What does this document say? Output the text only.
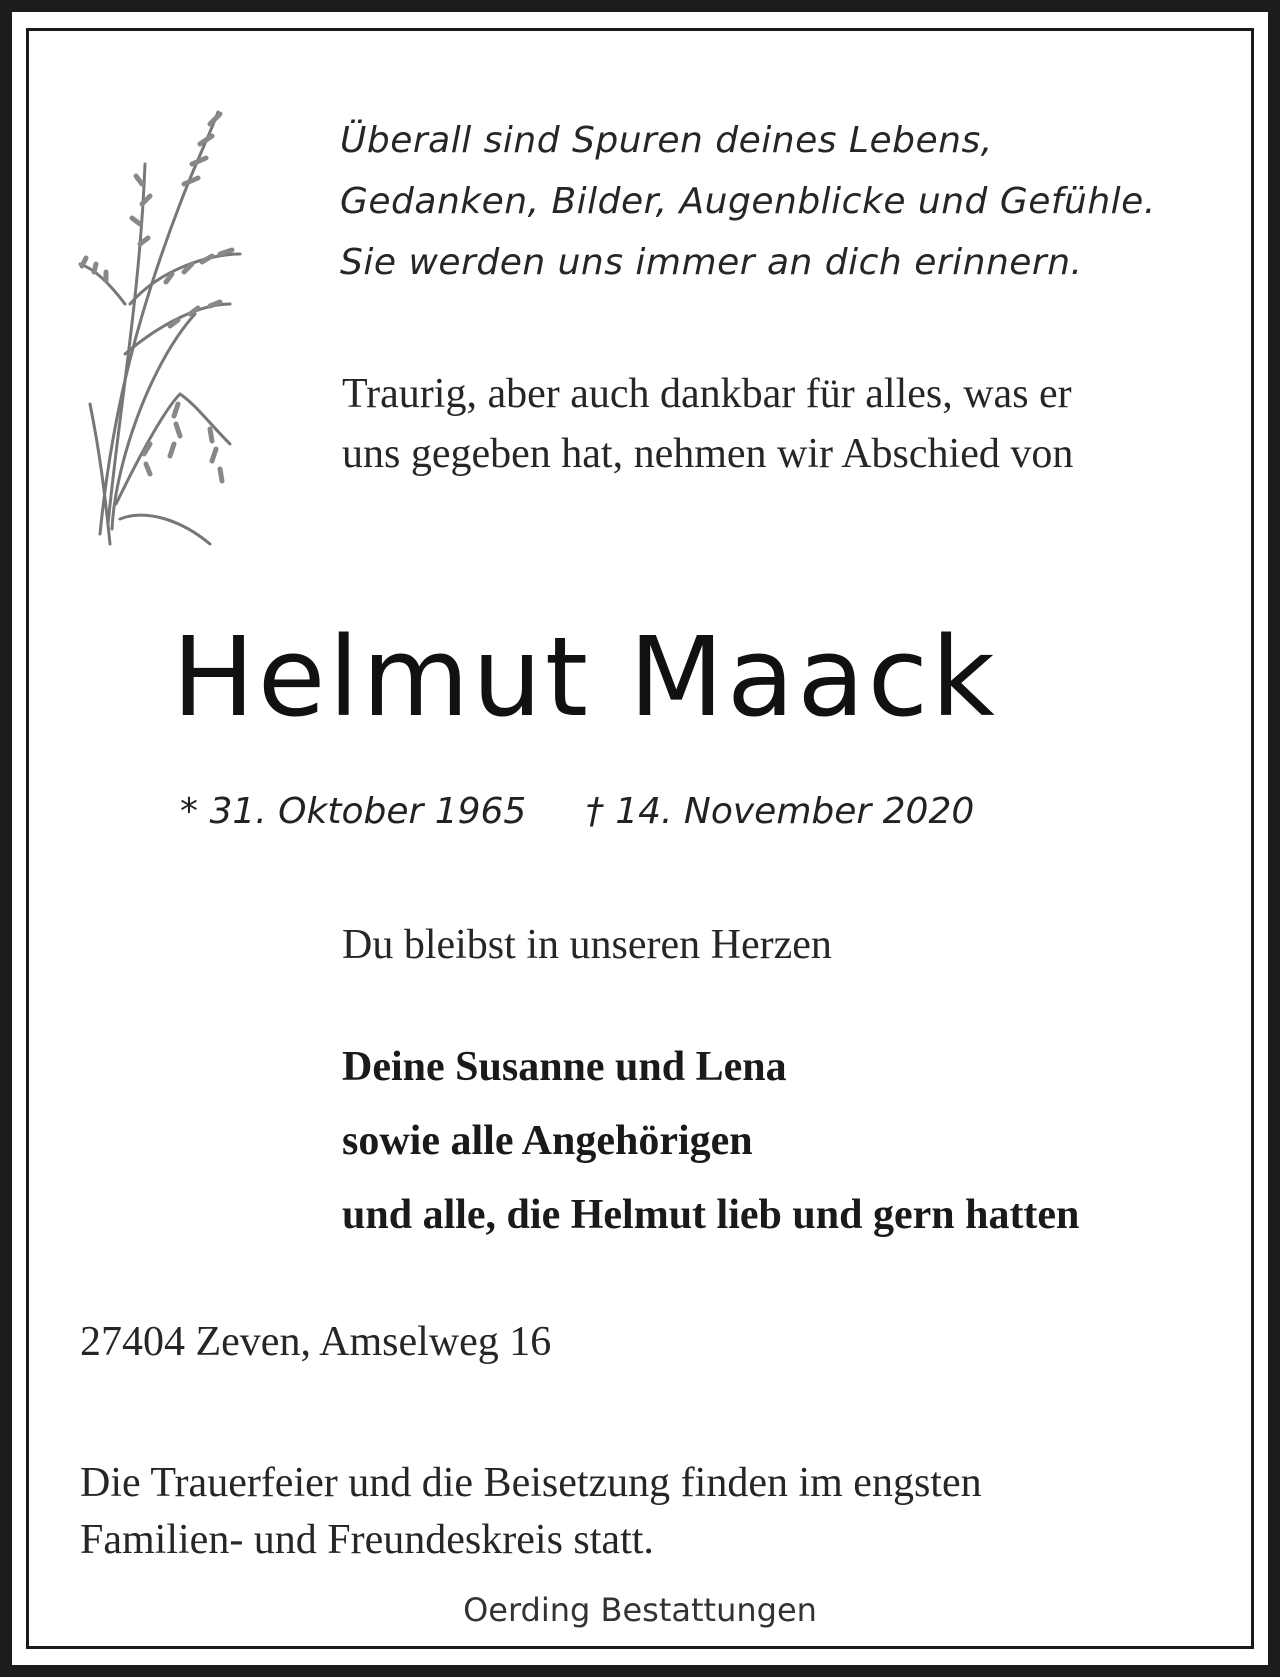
Überall sind Spuren deines Lebens,
Gedanken, Bilder, Augenblicke und Gefühle.
Sie werden uns immer an dich erinnern.
Traurig, aber auch dankbar für alles, was er
uns gegeben hat, nehmen wir Abschied von
Helmut Maack
* 31. Oktober 1965 † 14. November 2020
Du bleibst in unseren Herzen
Deine Susanne und Lena
sowie alle Angehörigen
und alle, die Helmut lieb und gern hatten
27404 Zeven, Amselweg 16
Die Trauerfeier und die Beisetzung finden im engsten
Familien- und Freundeskreis statt.
Oerding Bestattungen
